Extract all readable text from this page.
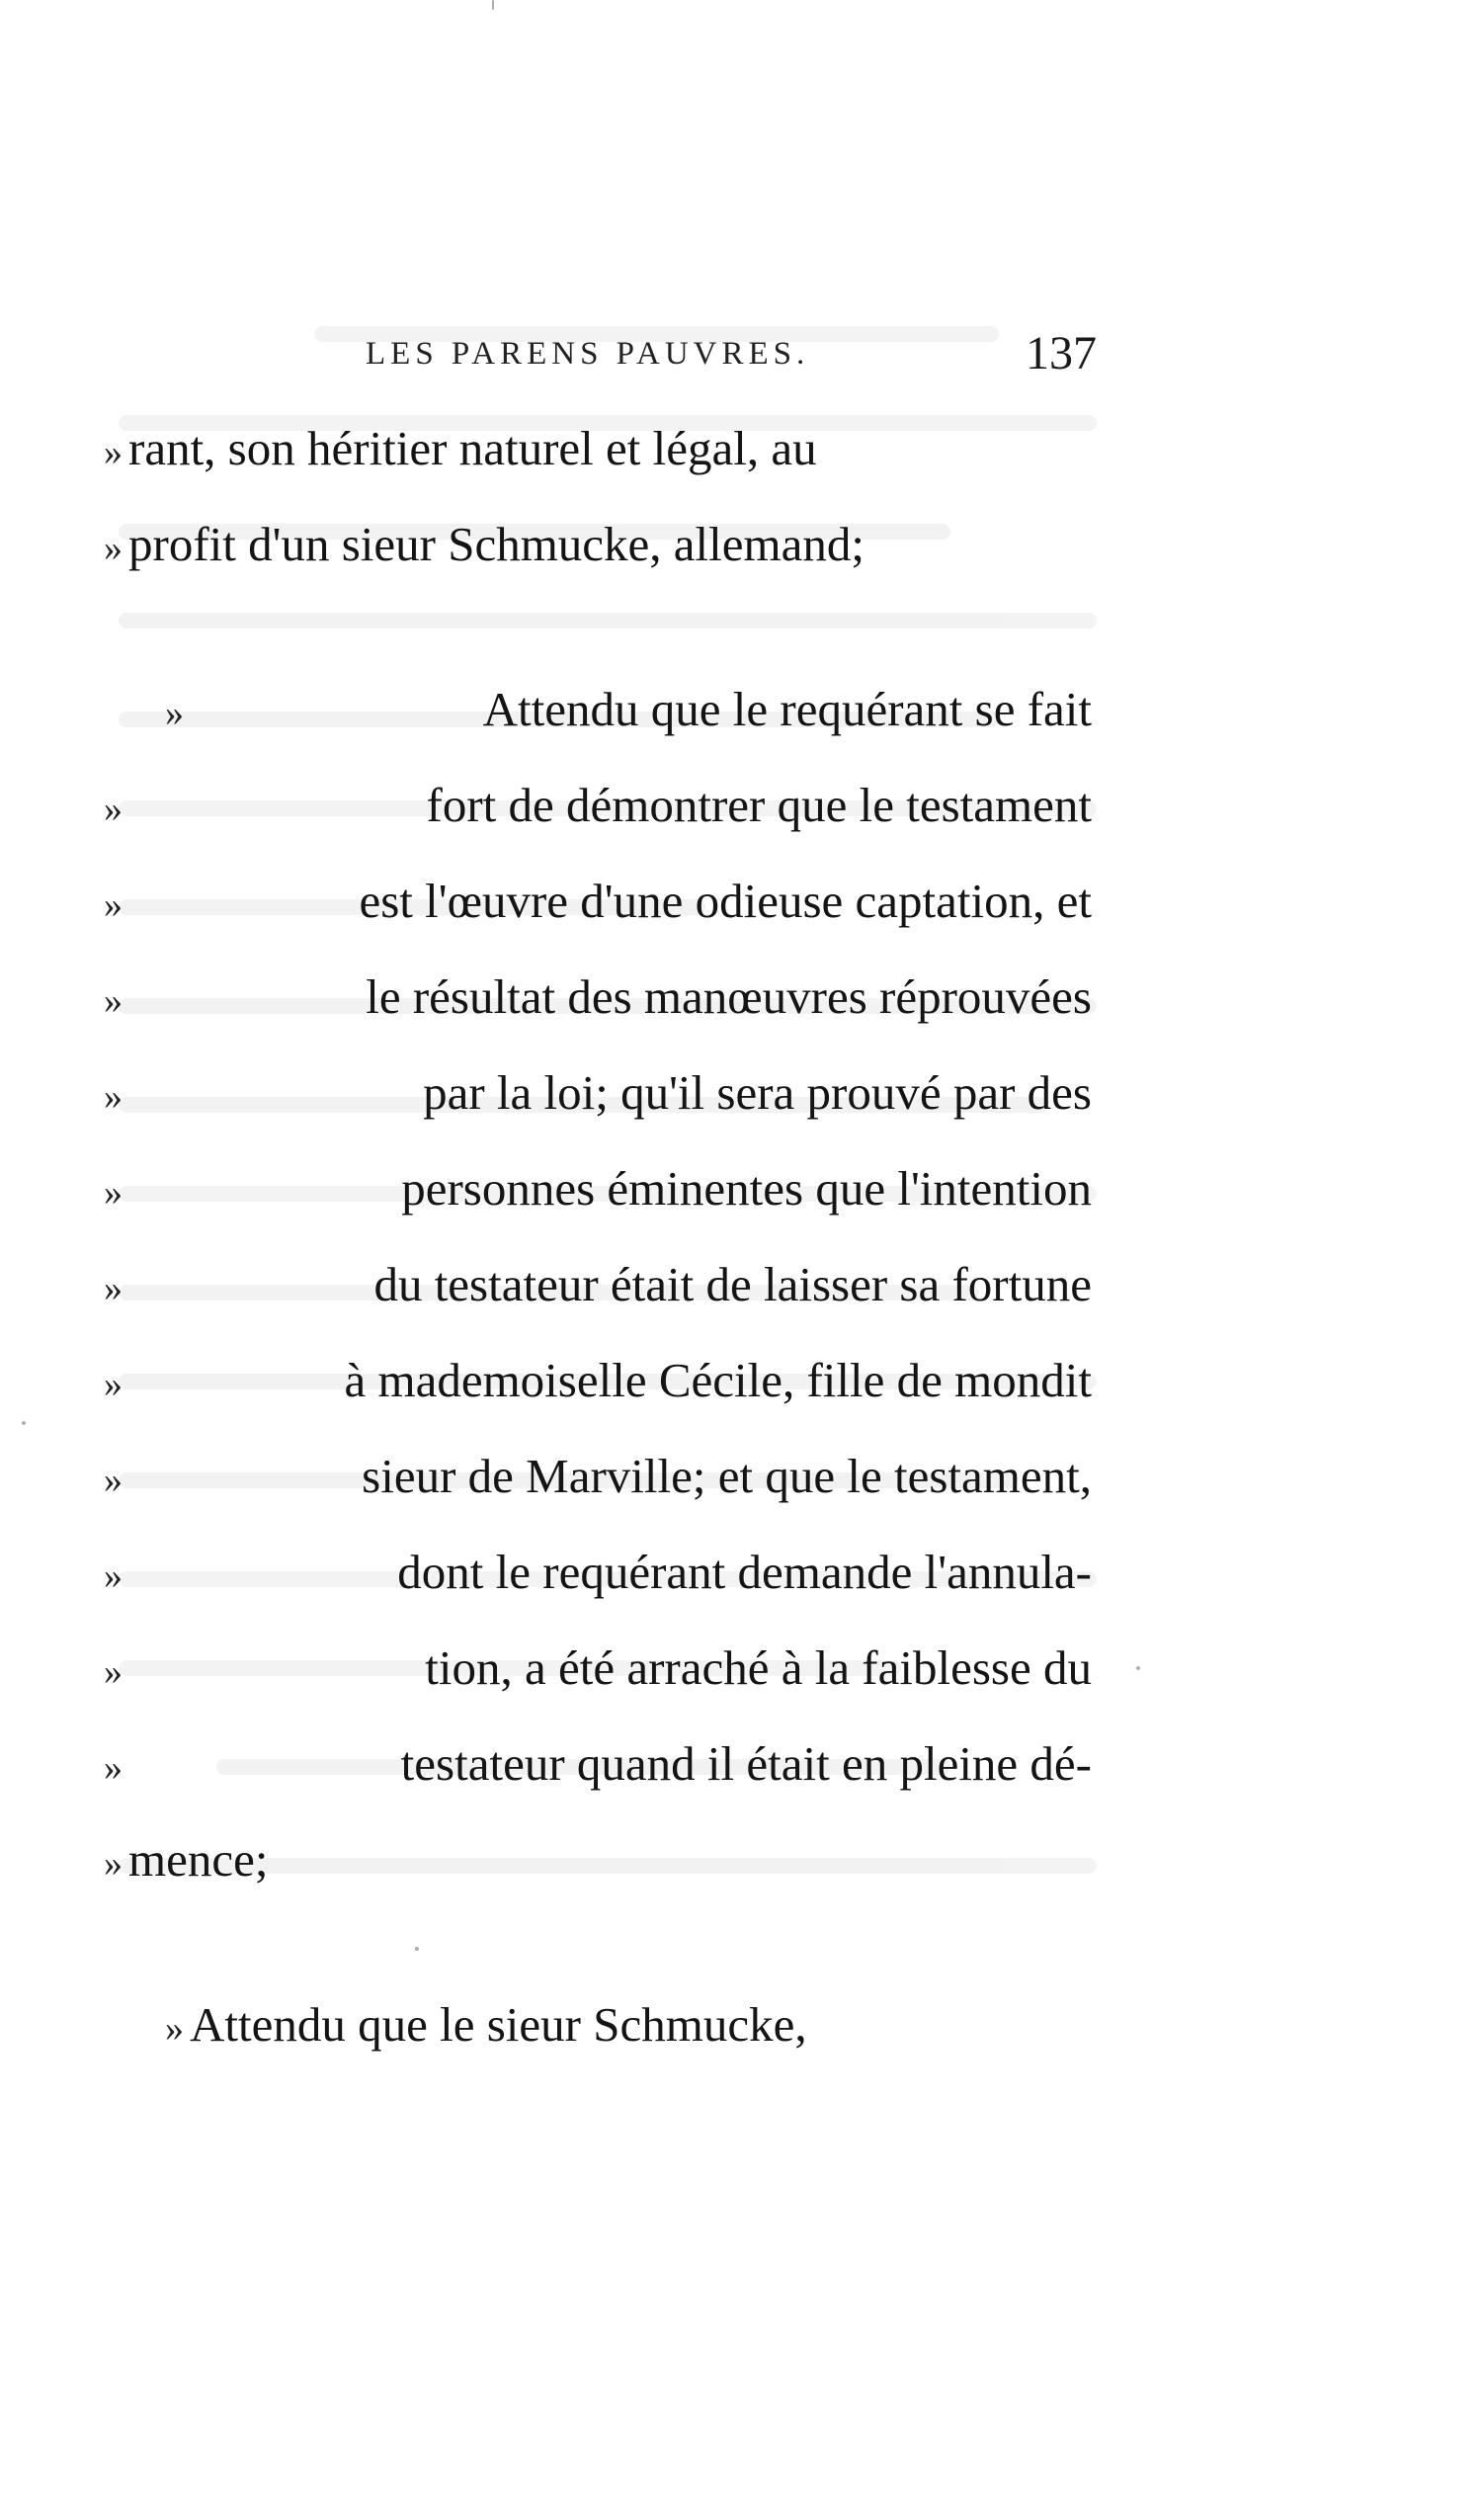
LES PARENS PAUVRES.	137
» rant, son héritier naturel et légal, au
» profit d'un sieur Schmucke, allemand;
»	Attendu que le requérant se fait
»	fort de démontrer que le testament
»	est l'œuvre d'une odieuse captation, et
»	le résultat des manœuvres réprouvées
»	par la loi; qu'il sera prouvé par des
»	personnes éminentes que l'intention
»	du testateur était de laisser sa fortune
»	à mademoiselle Cécile, fille de mondit
»	sieur de Marville; et que le testament,
»	dont le requérant demande l'annula-
»	tion, a été arraché à la faiblesse du
»	testateur quand il était en pleine dé-
» mence;
» Attendu que le sieur Schmucke,
